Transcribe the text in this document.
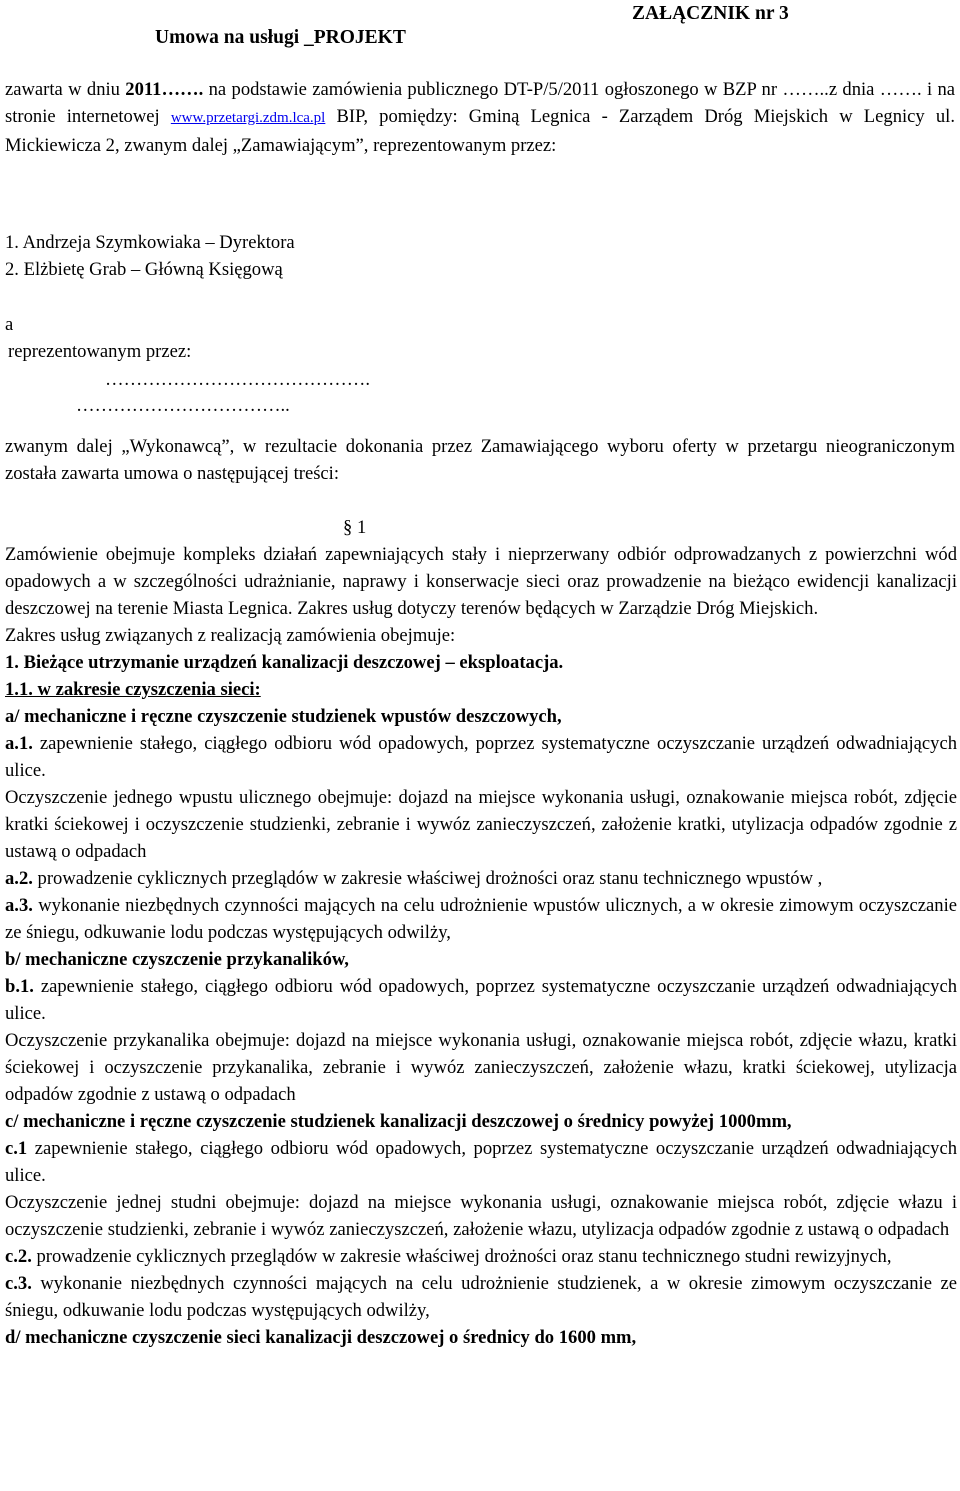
Umowa na usługi _PROJEKT
ZAŁĄCZNIK nr 3

zawarta w dniu 2011……. na podstawie zamówienia publicznego DT-P/5/2011 ogłoszonego w BZP nr ……..z dnia ……. i na stronie internetowej www.przetargi.zdm.lca.pl BIP, pomiędzy: Gminą Legnica - Zarządem Dróg Miejskich w Legnicy ul. Mickiewicza 2, zwanym dalej „Zamawiającym”, reprezentowanym przez:

1. Andrzeja Szymkowiaka – Dyrektora
2. Elżbietę Grab – Główną Księgową
a
reprezentowanym przez:
…………………………………….
……………………………..

zwanym dalej „Wykonawcą”, w rezultacie dokonania przez Zamawiającego wyboru oferty w przetargu nieograniczonym została zawarta umowa o następującej treści:

§ 1
Zamówienie obejmuje kompleks działań zapewniających stały i nieprzerwany odbiór odprowadzanych z powierzchni wód opadowych a w szczególności udrażnianie, naprawy i konserwacje sieci oraz prowadzenie na bieżąco ewidencji kanalizacji deszczowej na terenie Miasta Legnica. Zakres usług dotyczy terenów będących w Zarządzie Dróg Miejskich.
Zakres usług związanych z realizacją zamówienia obejmuje:
1. Bieżące utrzymanie urządzeń kanalizacji deszczowej – eksploatacja.
1.1. w zakresie czyszczenia sieci:
a/ mechaniczne i ręczne czyszczenie studzienek wpustów deszczowych,
a.1. zapewnienie stałego, ciągłego odbioru wód opadowych, poprzez systematyczne oczyszczanie urządzeń odwadniających ulice.
Oczyszczenie jednego wpustu ulicznego obejmuje: dojazd na miejsce wykonania usługi, oznakowanie miejsca robót, zdjęcie kratki ściekowej i oczyszczenie studzienki, zebranie i wywóz zanieczyszczeń, założenie kratki, utylizacja odpadów zgodnie z ustawą o odpadach
a.2. prowadzenie cyklicznych przeglądów w zakresie właściwej drożności oraz stanu technicznego wpustów ,
a.3. wykonanie niezbędnych czynności mających na celu udrożnienie wpustów ulicznych, a w okresie zimowym oczyszczanie ze śniegu, odkuwanie lodu podczas występujących odwilży,
b/ mechaniczne czyszczenie przykanalików,
b.1. zapewnienie stałego, ciągłego odbioru wód opadowych, poprzez systematyczne oczyszczanie urządzeń odwadniających ulice.
Oczyszczenie przykanalika obejmuje: dojazd na miejsce wykonania usługi, oznakowanie miejsca robót, zdjęcie włazu, kratki ściekowej i oczyszczenie przykanalika, zebranie i wywóz zanieczyszczeń, założenie włazu, kratki ściekowej, utylizacja odpadów zgodnie z ustawą o odpadach
c/ mechaniczne i ręczne czyszczenie studzienek kanalizacji deszczowej o średnicy powyżej 1000mm,
c.1 zapewnienie stałego, ciągłego odbioru wód opadowych, poprzez systematyczne oczyszczanie urządzeń odwadniających ulice.
Oczyszczenie jednej studni obejmuje: dojazd na miejsce wykonania usługi, oznakowanie miejsca robót, zdjęcie włazu i oczyszczenie studzienki, zebranie i wywóz zanieczyszczeń, założenie włazu, utylizacja odpadów zgodnie z ustawą o odpadach
c.2. prowadzenie cyklicznych przeglądów w zakresie właściwej drożności oraz stanu technicznego studni rewizyjnych,
c.3. wykonanie niezbędnych czynności mających na celu udrożnienie studzienek, a w okresie zimowym oczyszczanie ze śniegu, odkuwanie lodu podczas występujących odwilży,
d/ mechaniczne czyszczenie sieci kanalizacji deszczowej o średnicy do 1600 mm,
